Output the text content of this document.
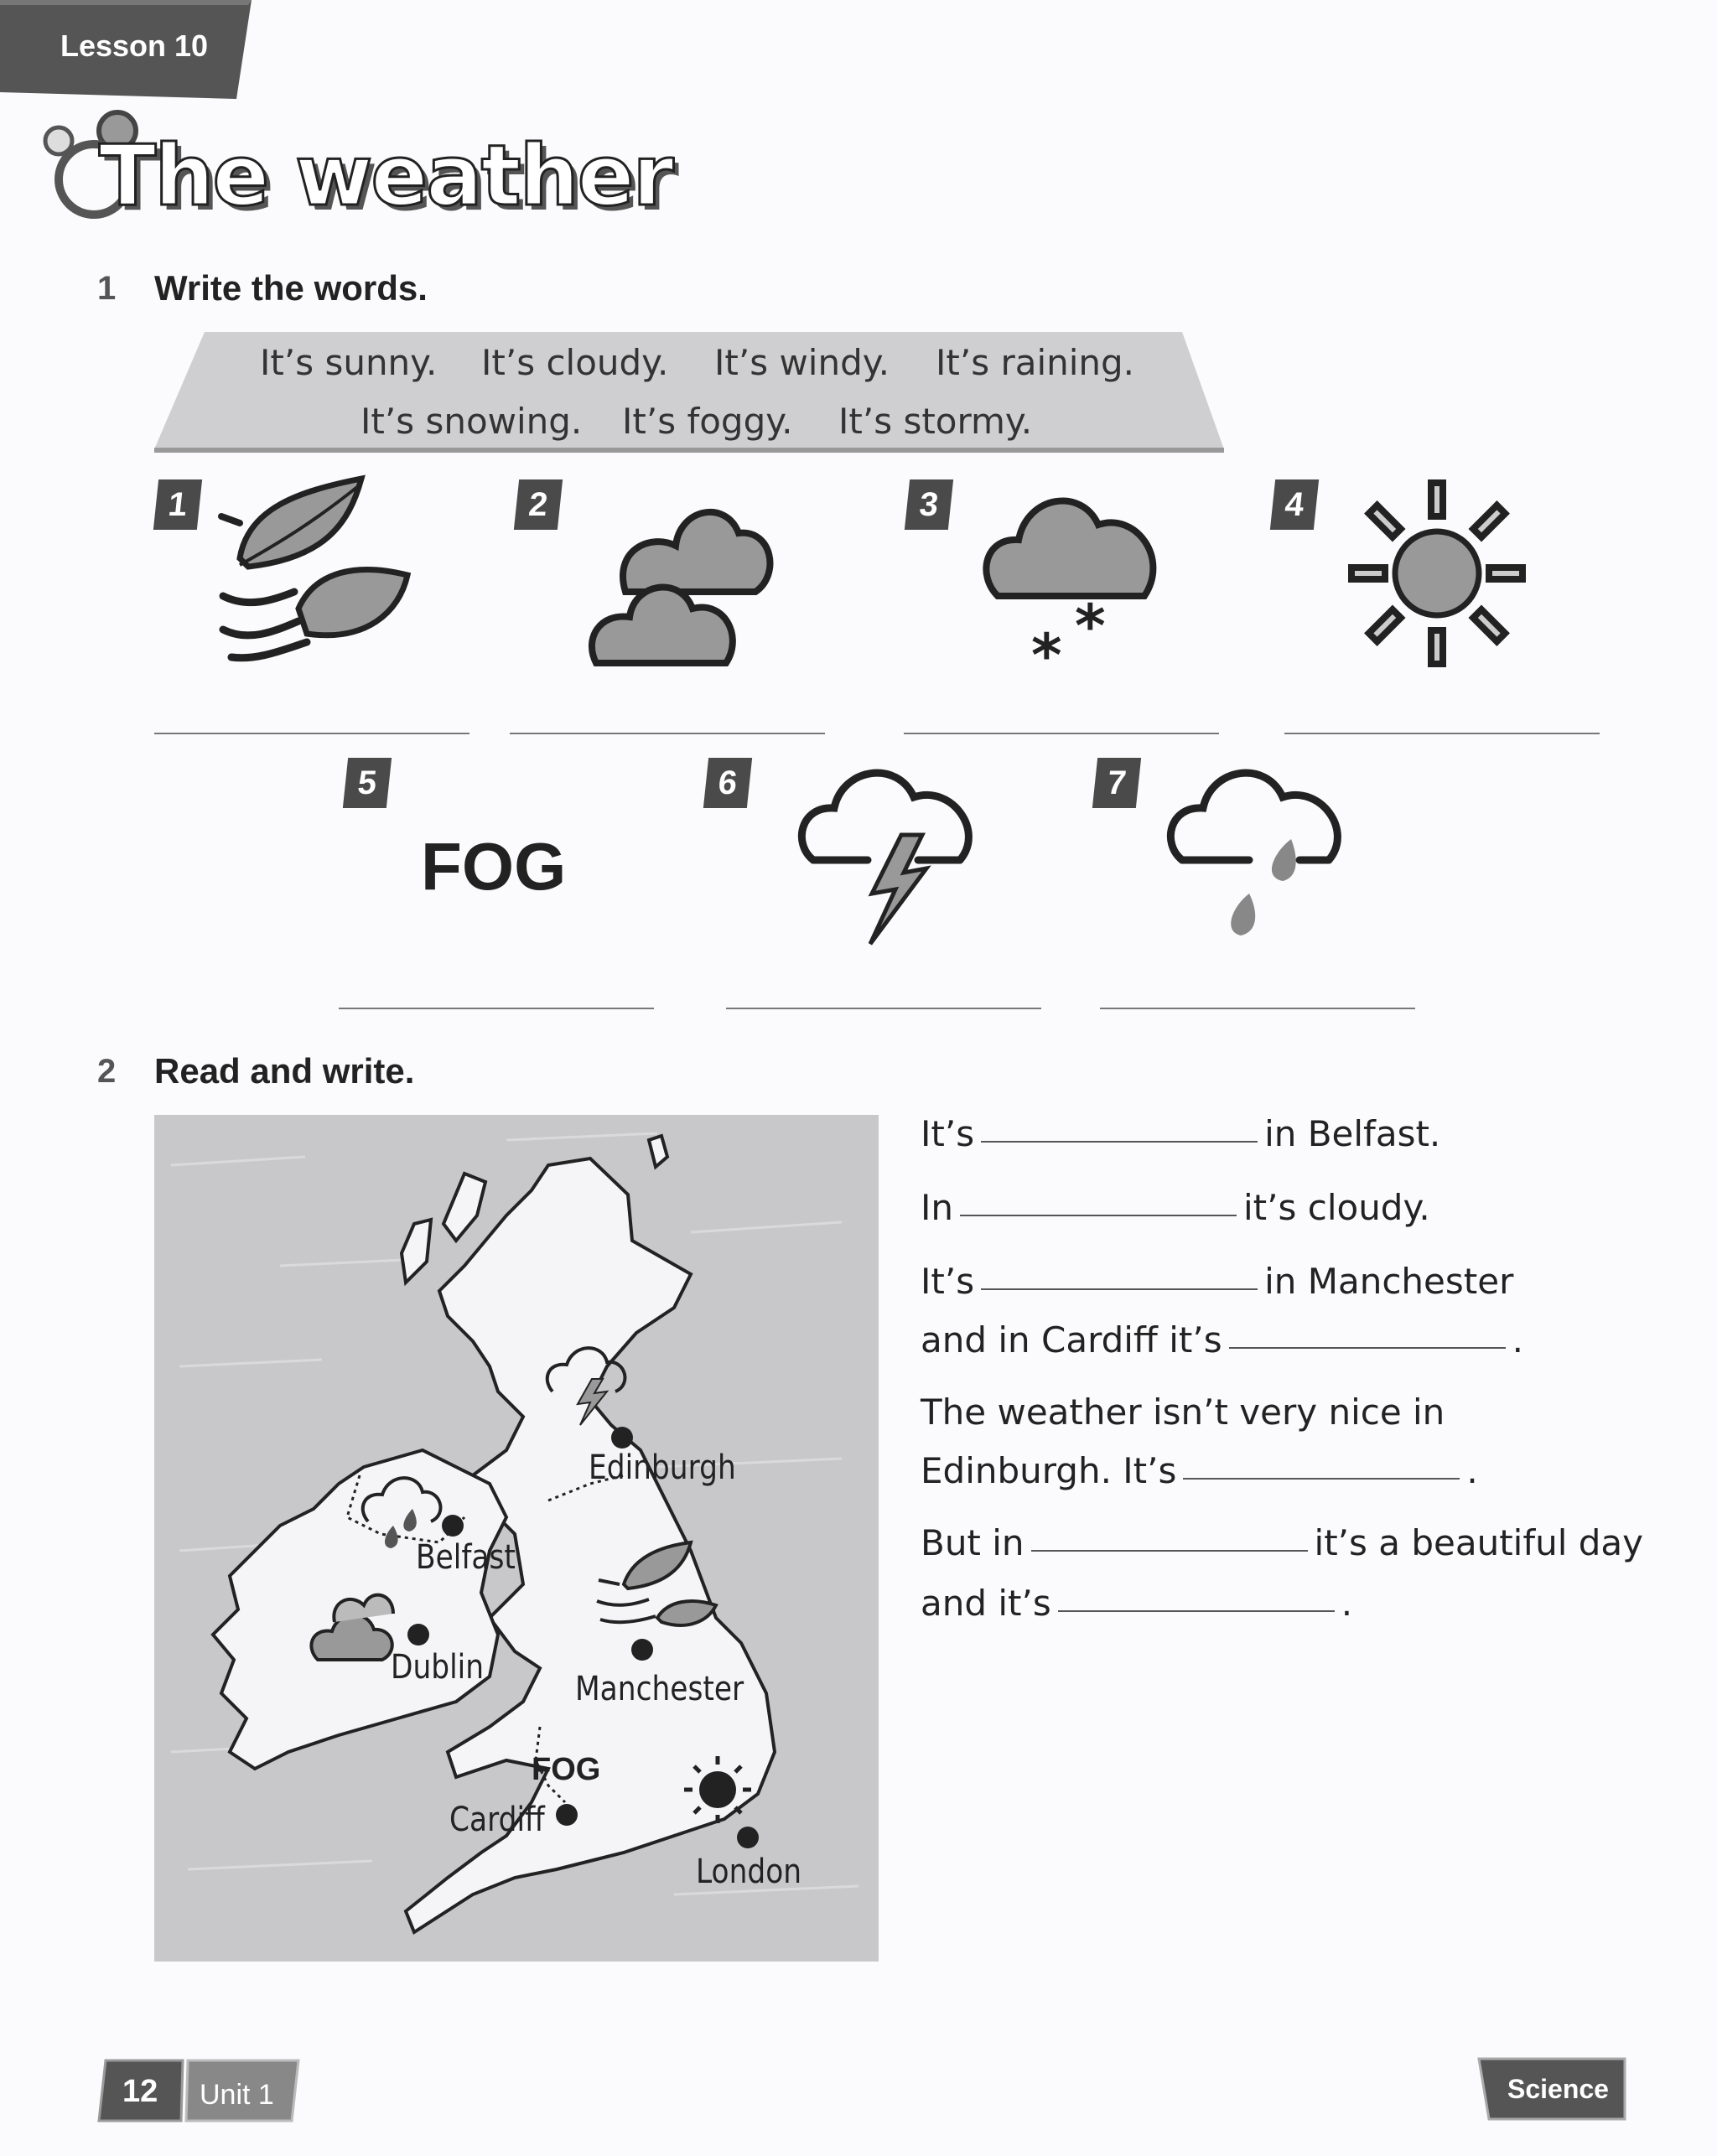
Lesson 10
The weather
1 Write the words.
It’s sunny. It’s cloudy. It’s windy. It’s raining.
It’s snowing. It’s foggy. It’s stormy.
1	2	3
* *
4
5
FOG
6	7
2 Read and write.
Edinburgh
Belfast
Dublin
Manchester
FOG
Cardiff
London
It’s	in Belfast.
In	it’s cloudy.
It’s	in Manchester
and in Cardiff it’s	.
The weather isn’t very nice in
Edinburgh. It’s	.
But in	it’s a beautiful day
and it’s	.
12 Unit 1	Science
